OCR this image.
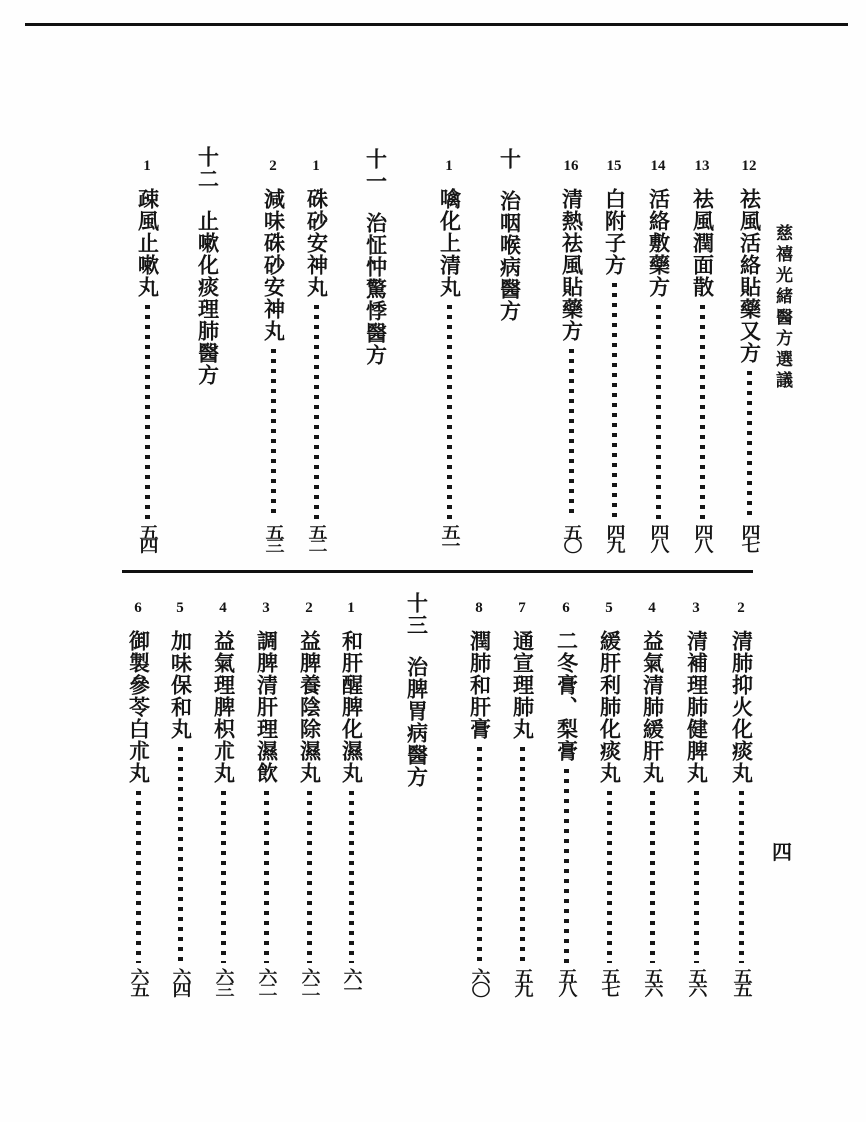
慈禧光緒醫方選議
12
祛風活絡貼藥又方
四七
13
祛風潤面散
四八
14
活絡敷藥方
四八
15
白附子方
四九
16
清熱祛風貼藥方
五〇
十
治咽喉病醫方
1
噙化上清丸
五一
十一
治怔忡驚悸醫方
1
硃砂安神丸
五二
2
減味硃砂安神丸
五三
十二
止嗽化痰理肺醫方
1
疎風止嗽丸
五四
四
2
清肺抑火化痰丸
五五
3
清補理肺健脾丸
五六
4
益氣清肺緩肝丸
五六
5
緩肝利肺化痰丸
五七
6
二冬膏、梨膏
五八
7
通宣理肺丸
五九
8
潤肺和肝膏
六〇
十三
治脾胃病醫方
1
和肝醒脾化濕丸
六一
2
益脾養陰除濕丸
六二
3
調脾清肝理濕飲
六二
4
益氣理脾枳朮丸
六三
5
加味保和丸
六四
6
御製參苓白朮丸
六五
